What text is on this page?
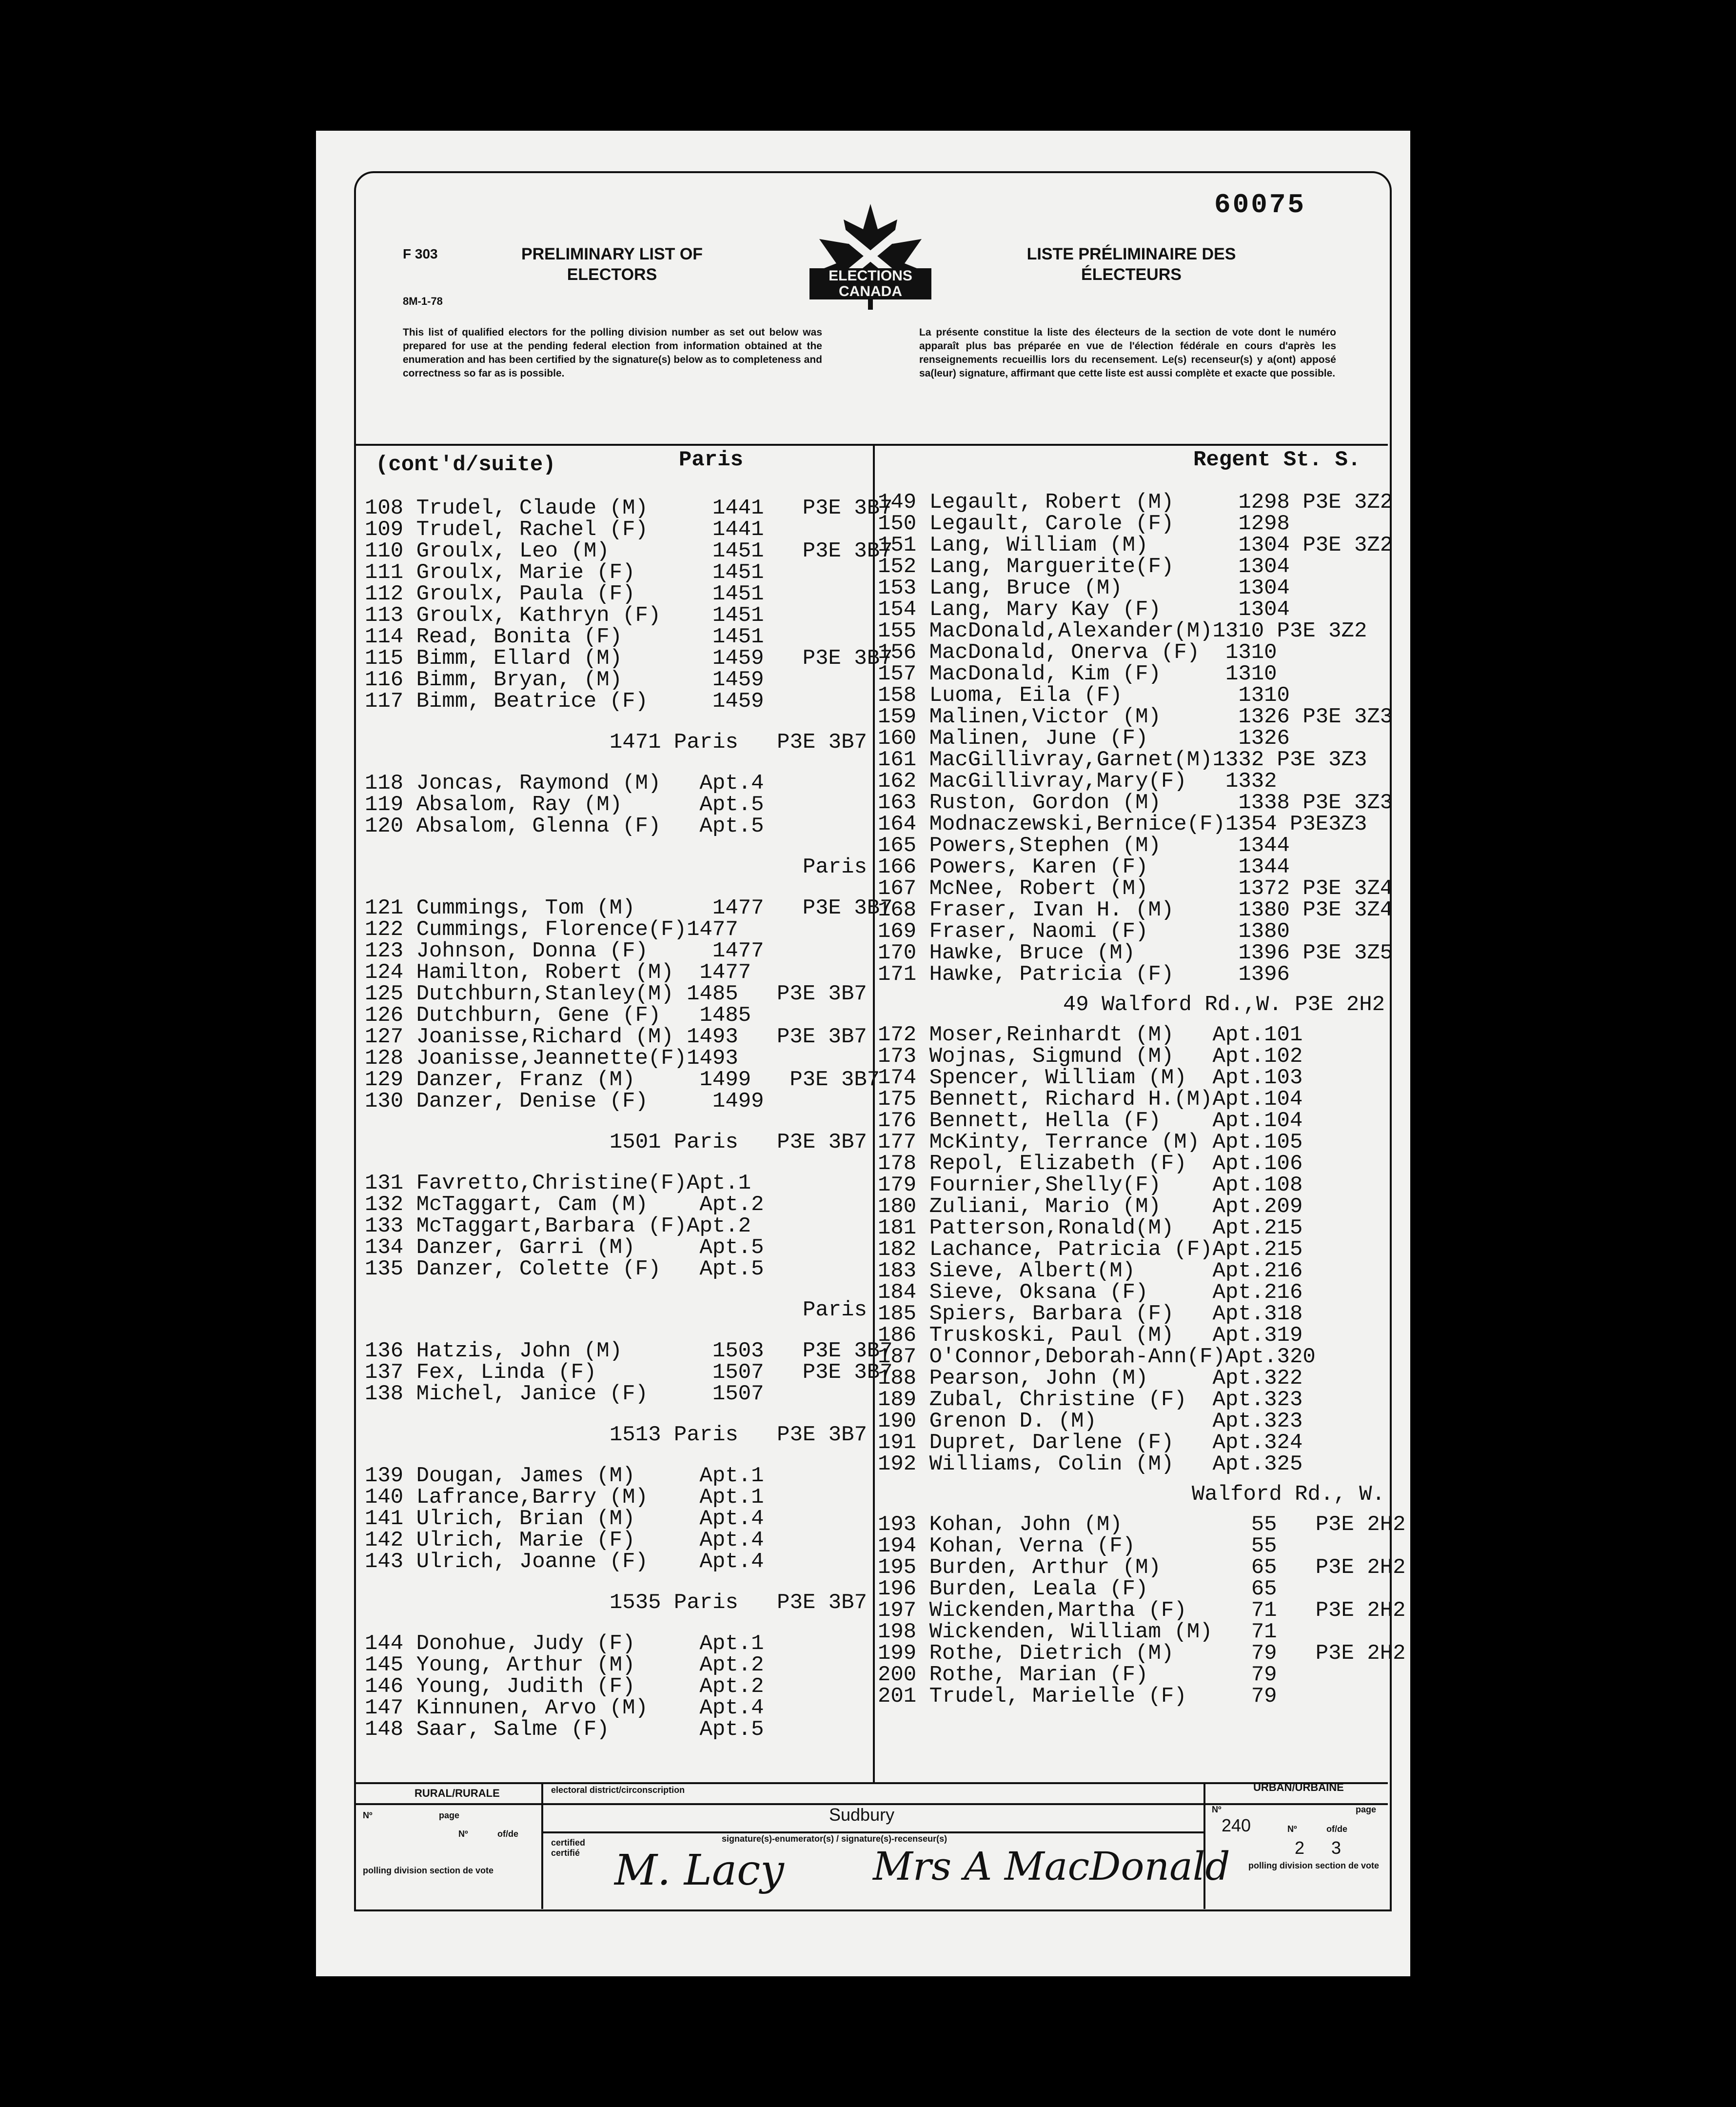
60075
F 303
8M-1-78
PRELIMINARY LIST OF ELECTORS
LISTE PRÉLIMINAIRE DES ÉLECTEURS
ELECTIONS CANADA
This list of qualified electors for the polling division number as set out below was prepared for use at the pending federal election from information obtained at the enumeration and has been certified by the signature(s) below as to completeness and correctness so far as is possible.
La présente constitue la liste des électeurs de la section de vote dont le numéro apparaît plus bas préparée en vue de l'élection fédérale en cours d'après les renseignements recueillis lors du recensement. Le(s) recenseur(s) y a(ont) apposé sa(leur) signature, affirmant que cette liste est aussi complète et exacte que possible.
(cont'd/suite)	Paris	Regent St. S.
108 Trudel, Claude (M)     1441   P3E 3B7
109 Trudel, Rachel (F)     1441
110 Groulx, Leo (M)        1451   P3E 3B7
111 Groulx, Marie (F)      1451
112 Groulx, Paula (F)      1451
113 Groulx, Kathryn (F)    1451
114 Read, Bonita (F)       1451
115 Bimm, Ellard (M)       1459   P3E 3B7
116 Bimm, Bryan, (M)       1459
117 Bimm, Beatrice (F)     1459
1471 Paris   P3E 3B7
118 Joncas, Raymond (M)   Apt.4
119 Absalom, Ray (M)      Apt.5
120 Absalom, Glenna (F)   Apt.5
Paris
121 Cummings, Tom (M)      1477   P3E 3B7
122 Cummings, Florence(F)1477
123 Johnson, Donna (F)     1477
124 Hamilton, Robert (M)  1477
125 Dutchburn,Stanley(M) 1485   P3E 3B7
126 Dutchburn, Gene (F)   1485
127 Joanisse,Richard (M) 1493   P3E 3B7
128 Joanisse,Jeannette(F)1493
129 Danzer, Franz (M)     1499   P3E 3B7
130 Danzer, Denise (F)     1499
1501 Paris   P3E 3B7
131 Favretto,Christine(F)Apt.1
132 McTaggart, Cam (M)    Apt.2
133 McTaggart,Barbara (F)Apt.2
134 Danzer, Garri (M)     Apt.5
135 Danzer, Colette (F)   Apt.5
Paris
136 Hatzis, John (M)       1503   P3E 3B7
137 Fex, Linda (F)         1507   P3E 3B7
138 Michel, Janice (F)     1507
1513 Paris   P3E 3B7
139 Dougan, James (M)     Apt.1
140 Lafrance,Barry (M)    Apt.1
141 Ulrich, Brian (M)     Apt.4
142 Ulrich, Marie (F)     Apt.4
143 Ulrich, Joanne (F)    Apt.4
1535 Paris   P3E 3B7
144 Donohue, Judy (F)     Apt.1
145 Young, Arthur (M)     Apt.2
146 Young, Judith (F)     Apt.2
147 Kinnunen, Arvo (M)    Apt.4
148 Saar, Salme (F)       Apt.5
149 Legault, Robert (M)     1298 P3E 3Z2
150 Legault, Carole (F)     1298
151 Lang, William (M)       1304 P3E 3Z2
152 Lang, Marguerite(F)     1304
153 Lang, Bruce (M)         1304
154 Lang, Mary Kay (F)      1304
155 MacDonald,Alexander(M)1310 P3E 3Z2
156 MacDonald, Onerva (F)  1310
157 MacDonald, Kim (F)     1310
158 Luoma, Eila (F)         1310
159 Malinen,Victor (M)      1326 P3E 3Z3
160 Malinen, June (F)       1326
161 MacGillivray,Garnet(M)1332 P3E 3Z3
162 MacGillivray,Mary(F)   1332
163 Ruston, Gordon (M)      1338 P3E 3Z3
164 Modnaczewski,Bernice(F)1354 P3E3Z3
165 Powers,Stephen (M)      1344
166 Powers, Karen (F)       1344
167 McNee, Robert (M)       1372 P3E 3Z4
168 Fraser, Ivan H. (M)     1380 P3E 3Z4
169 Fraser, Naomi (F)       1380
170 Hawke, Bruce (M)        1396 P3E 3Z5
171 Hawke, Patricia (F)     1396
49 Walford Rd.,W. P3E 2H2
172 Moser,Reinhardt (M)   Apt.101
173 Wojnas, Sigmund (M)   Apt.102
174 Spencer, William (M)  Apt.103
175 Bennett, Richard H.(M)Apt.104
176 Bennett, Hella (F)    Apt.104
177 McKinty, Terrance (M) Apt.105
178 Repol, Elizabeth (F)  Apt.106
179 Fournier,Shelly(F)    Apt.108
180 Zuliani, Mario (M)    Apt.209
181 Patterson,Ronald(M)   Apt.215
182 Lachance, Patricia (F)Apt.215
183 Sieve, Albert(M)      Apt.216
184 Sieve, Oksana (F)     Apt.216
185 Spiers, Barbara (F)   Apt.318
186 Truskoski, Paul (M)   Apt.319
187 O'Connor,Deborah-Ann(F)Apt.320
188 Pearson, John (M)     Apt.322
189 Zubal, Christine (F)  Apt.323
190 Grenon D. (M)         Apt.323
191 Dupret, Darlene (F)   Apt.324
192 Williams, Colin (M)   Apt.325
Walford Rd., W.
193 Kohan, John (M)          55   P3E 2H2
194 Kohan, Verna (F)         55
195 Burden, Arthur (M)       65   P3E 2H2
196 Burden, Leala (F)        65
197 Wickenden,Martha (F)     71   P3E 2H2
198 Wickenden, William (M)   71
199 Rothe, Dietrich (M)      79   P3E 2H2
200 Rothe, Marian (F)        79
201 Trudel, Marielle (F)     79
RURAL/RURALE	URBAN/URBAINE
electoral district/circonscription
Sudbury
Nº	page
Nº	of/de
polling division section de vote
Nº	page
240	Nº	of/de
2 3
polling division section de vote
certified certifié
signature(s)-enumerator(s) / signature(s)-recenseur(s)
M. Lacy Mrs A MacDonald
